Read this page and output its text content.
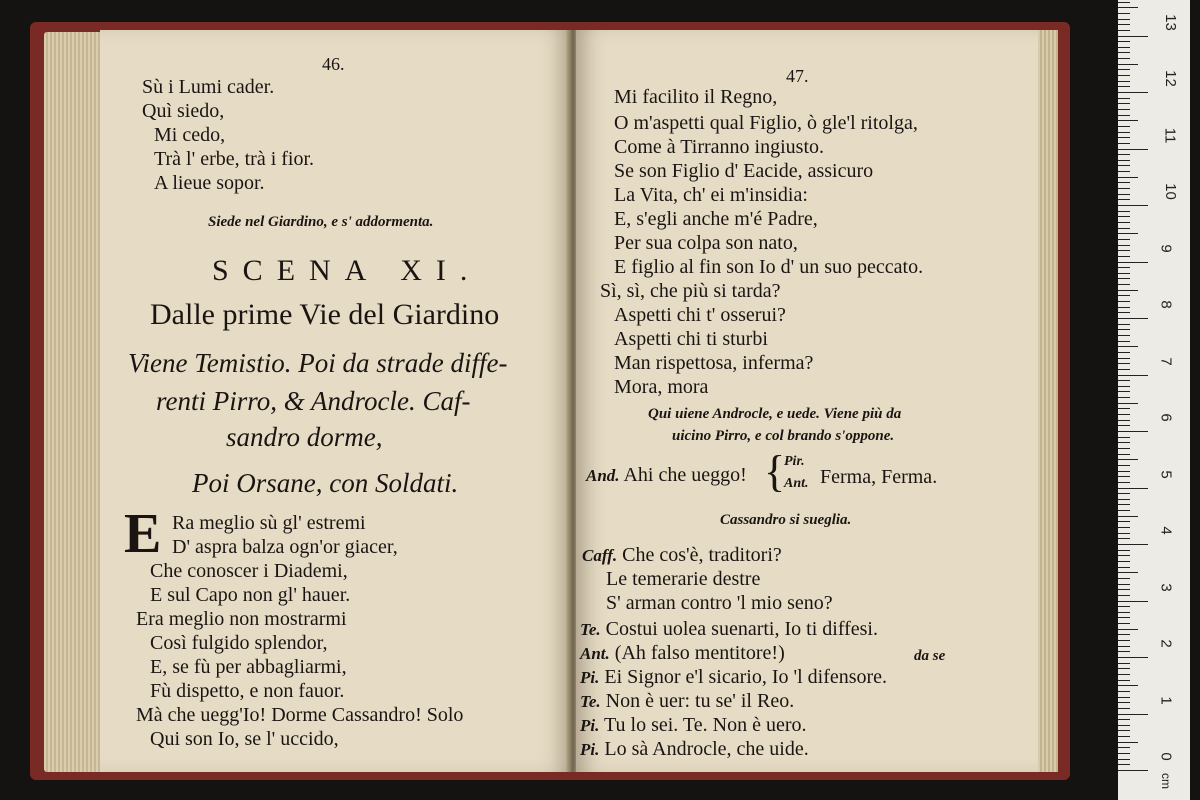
46.
Sù i Lumi cader.
Quì siedo,
Mi cedo,
Trà l' erbe, trà i fior.
A lieue sopor.
Siede nel Giardino, e s' addormenta.
SCENA XI.
Dalle prime Vie del Giardino
Viene Temistio. Poi da strade diffe-
renti Pirro, & Androcle. Caf-
sandro dorme,
Poi Orsane, con Soldati.
E Ra meglio sù gl' estremi
D' aspra balza ogn'or giacer,
Che conoscer i Diademi,
E sul Capo non gl' hauer.
Era meglio non mostrarmi
Così fulgido splendor,
E, se fù per abbagliarmi,
Fù dispetto, e non fauor.
Mà che uegg'Io! Dorme Cassandro! Solo
Qui son Io, se l' uccido,
47.
Mi facilito il Regno,
O m'aspetti qual Figlio, ò gle'l ritolga,
Come à Tirranno ingiusto.
Se son Figlio d' Eacide, assicuro
La Vita, ch' ei m'insidia:
E, s'egli anche m'é Padre,
Per sua colpa son nato,
E figlio al fin son Io d' un suo peccato.
Sì, sì, che più si tarda?
Aspetti chi t' osserui?
Aspetti chi ti sturbi
Man rispettosa, inferma?
Mora, mora
Qui uiene Androcle, e uede. Viene più da
uicino Pirro, e col brando s'oppone.
And. Ahi che ueggo! {
Pir.
Ant. Ferma, Ferma.
Cassandro si sueglia.
Caff. Che cos'è, traditori?
Le temerarie destre
S' arman contro 'l mio seno?
Te. Costui uolea suenarti, Io ti diffesi.
Ant. (Ah falso mentitore!)	da se
Pi. Ei Signor e'l sicario, Io 'l difensore.
Te. Non è uer: tu se' il Reo.
Pi. Tu lo sei. Te. Non è uero.
Pi. Lo sà Androcle, che uide.	0
1
2
3
4
5
6
7
8
9
10
11
12
13
cm
